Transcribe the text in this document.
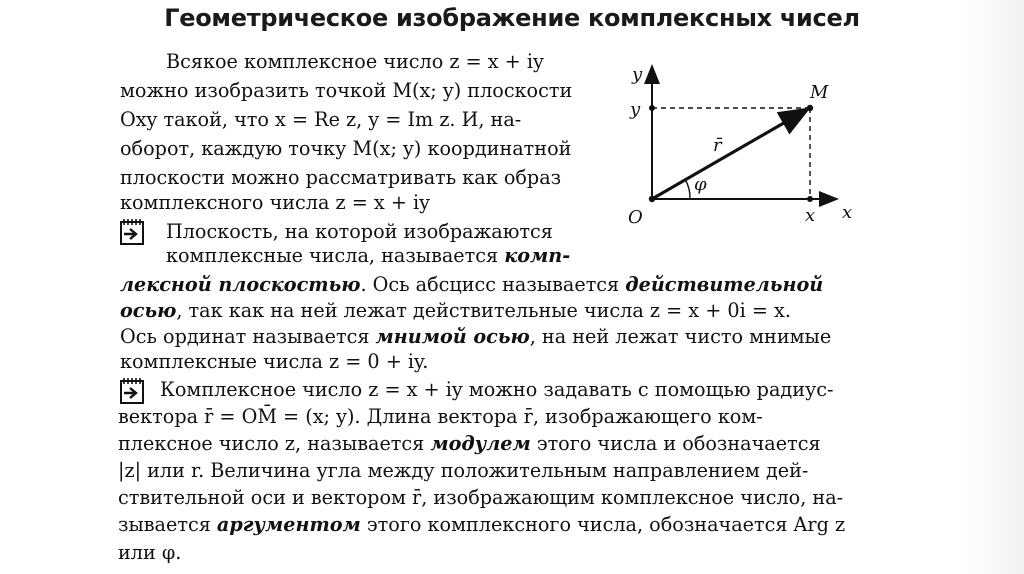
Геометрическое изображение комплексных чисел
Всякое комплексное число z = x + iy
можно изобразить точкой M(x; y) плоскости
Oxy такой, что x = Re z, y = Im z. И, на-
оборот, каждую точку M(x; y) координатной
плоскости можно рассматривать как образ
комплексного числа z = x + iy
Плоскость, на которой изображаются
комплексные числа, называется комп-
лексной плоскостью. Ось абсцисс называется действительной
осью, так как на ней лежат действительные числа z = x + 0i = x.
Ось ординат называется мнимой осью, на ней лежат чисто мнимые
комплексные числа z = 0 + iy.
Комплексное число z = x + iy можно задавать с помощью радиус-
вектора r̄ = OM̄ = (x; y). Длина вектора r̄, изображающего ком-
плексное число z, называется модулем этого числа и обозначается
|z| или r. Величина угла между положительным направлением дей-
ствительной оси и вектором r̄, изображающим комплексное число, на-
зывается аргументом этого комплексного числа, обозначается Arg z
или φ.
y
x
O
M
y
x
r̄
φ
